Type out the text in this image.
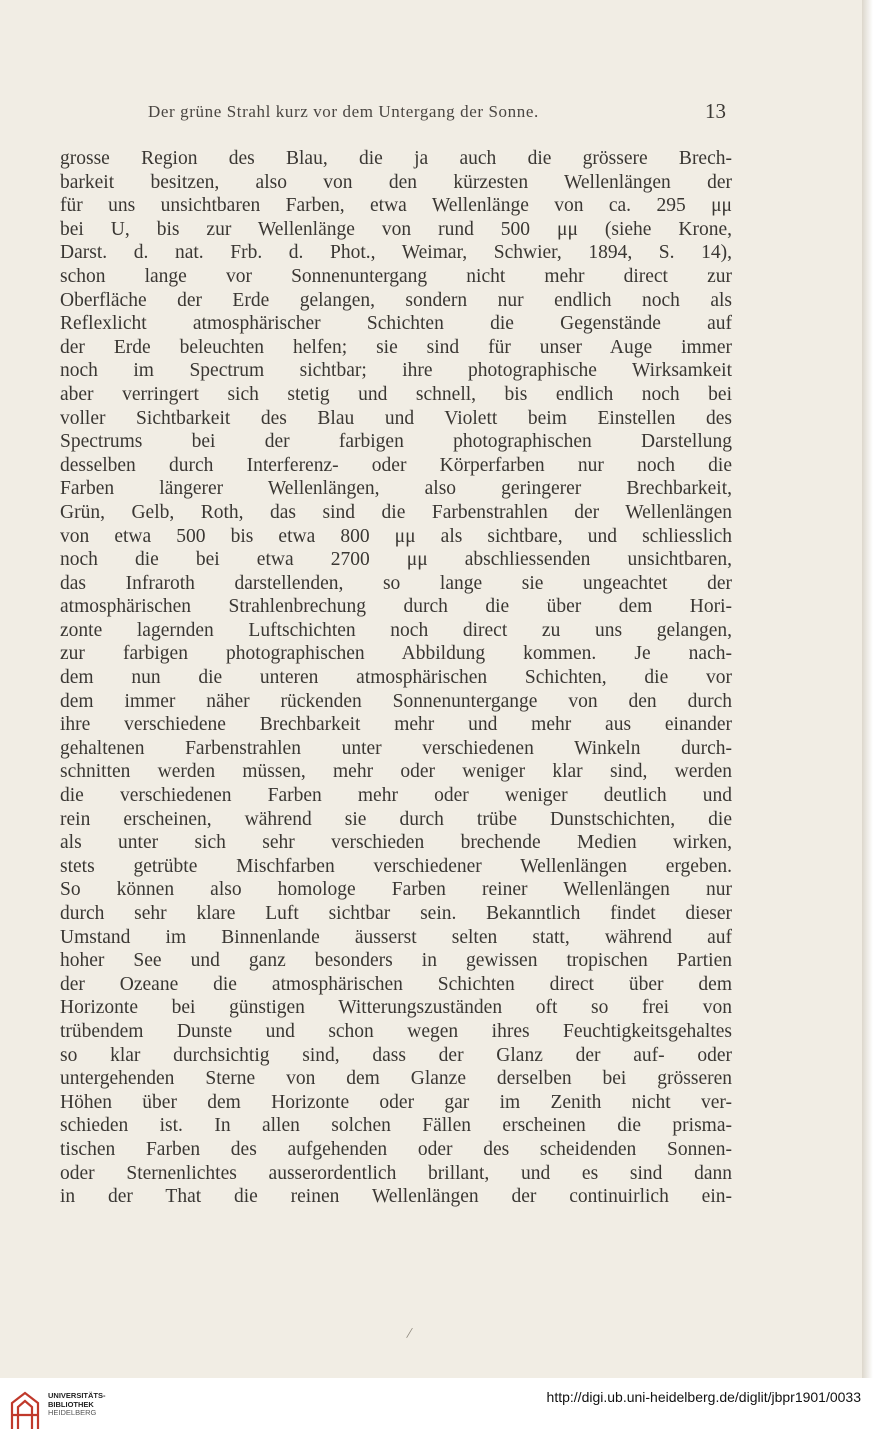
Der grüne Strahl kurz vor dem Untergang der Sonne.	13
grosse Region des Blau, die ja auch die grössere Brech-
barkeit besitzen, also von den kürzesten Wellenlängen der
für uns unsichtbaren Farben, etwa Wellenlänge von ca. 295 μμ
bei U, bis zur Wellenlänge von rund 500 μμ (siehe Krone,
Darst. d. nat. Frb. d. Phot., Weimar, Schwier, 1894, S. 14),
schon lange vor Sonnenuntergang nicht mehr direct zur
Oberfläche der Erde gelangen, sondern nur endlich noch als
Reflexlicht atmosphärischer Schichten die Gegenstände auf
der Erde beleuchten helfen; sie sind für unser Auge immer
noch im Spectrum sichtbar; ihre photographische Wirksamkeit
aber verringert sich stetig und schnell, bis endlich noch bei
voller Sichtbarkeit des Blau und Violett beim Einstellen des
Spectrums bei der farbigen photographischen Darstellung
desselben durch Interferenz- oder Körperfarben nur noch die
Farben längerer Wellenlängen, also geringerer Brechbarkeit,
Grün, Gelb, Roth, das sind die Farbenstrahlen der Wellenlängen
von etwa 500 bis etwa 800 μμ als sichtbare, und schliesslich
noch die bei etwa 2700 μμ abschliessenden unsichtbaren,
das Infraroth darstellenden, so lange sie ungeachtet der
atmosphärischen Strahlenbrechung durch die über dem Hori-
zonte lagernden Luftschichten noch direct zu uns gelangen,
zur farbigen photographischen Abbildung kommen. Je nach-
dem nun die unteren atmosphärischen Schichten, die vor
dem immer näher rückenden Sonnenuntergange von den durch
ihre verschiedene Brechbarkeit mehr und mehr aus einander
gehaltenen Farbenstrahlen unter verschiedenen Winkeln durch-
schnitten werden müssen, mehr oder weniger klar sind, werden
die verschiedenen Farben mehr oder weniger deutlich und
rein erscheinen, während sie durch trübe Dunstschichten, die
als unter sich sehr verschieden brechende Medien wirken,
stets getrübte Mischfarben verschiedener Wellenlängen ergeben.
So können also homologe Farben reiner Wellenlängen nur
durch sehr klare Luft sichtbar sein. Bekanntlich findet dieser
Umstand im Binnenlande äusserst selten statt, während auf
hoher See und ganz besonders in gewissen tropischen Partien
der Ozeane die atmosphärischen Schichten direct über dem
Horizonte bei günstigen Witterungszuständen oft so frei von
trübendem Dunste und schon wegen ihres Feuchtigkeitsgehaltes
so klar durchsichtig sind, dass der Glanz der auf- oder
untergehenden Sterne von dem Glanze derselben bei grösseren
Höhen über dem Horizonte oder gar im Zenith nicht ver-
schieden ist. In allen solchen Fällen erscheinen die prisma-
tischen Farben des aufgehenden oder des scheidenden Sonnen-
oder Sternenlichtes ausserordentlich brillant, und es sind dann
in der That die reinen Wellenlängen der continuirlich ein-
/
UNIVERSITÄTS-
BIBLIOTHEK
HEIDELBERG
http://digi.ub.uni-heidelberg.de/diglit/jbpr1901/0033
